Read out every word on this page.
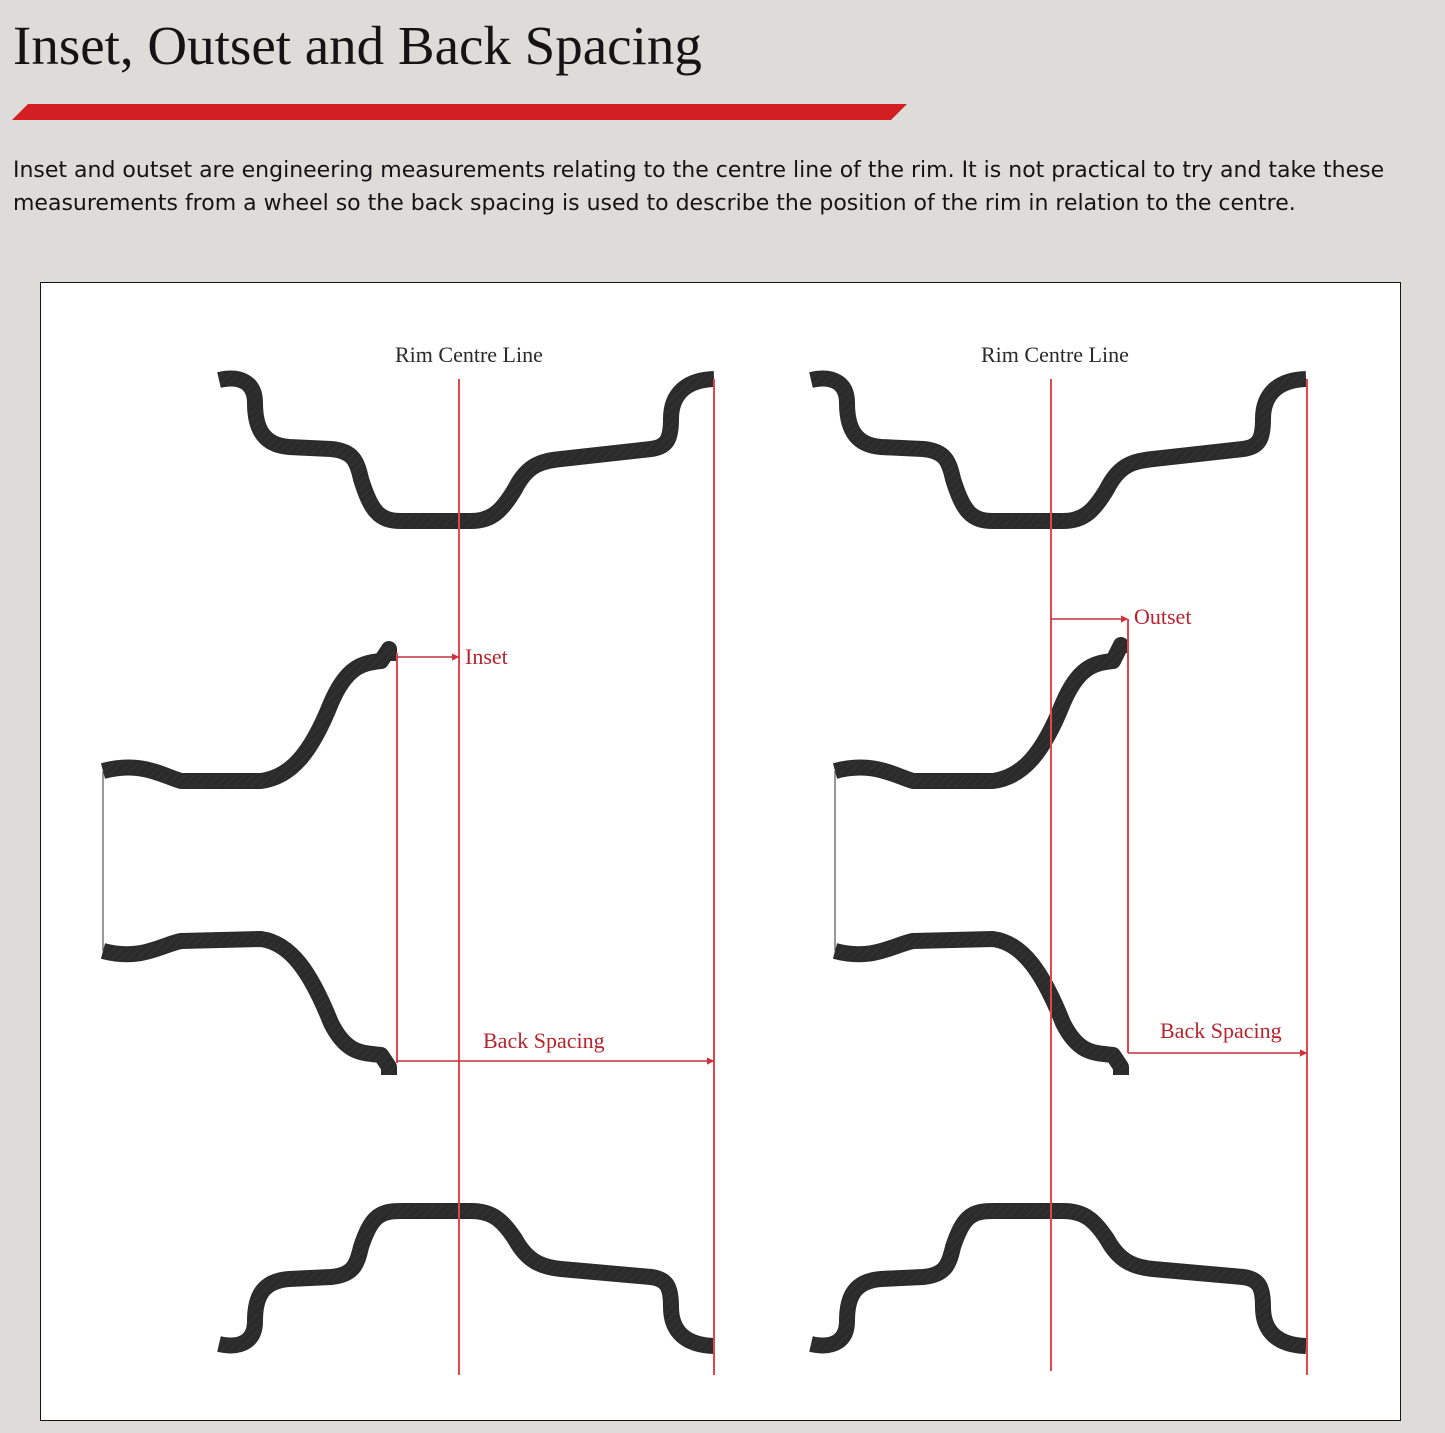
Inset, Outset and Back Spacing

Inset and outset are engineering measurements relating to the centre line of the rim. It is not practical to try and take these measurements from a wheel so the back spacing is used to describe the position of the rim in relation to the centre.

Rim Centre Line
Inset
Back Spacing
Rim Centre Line
Outset
Back Spacing
